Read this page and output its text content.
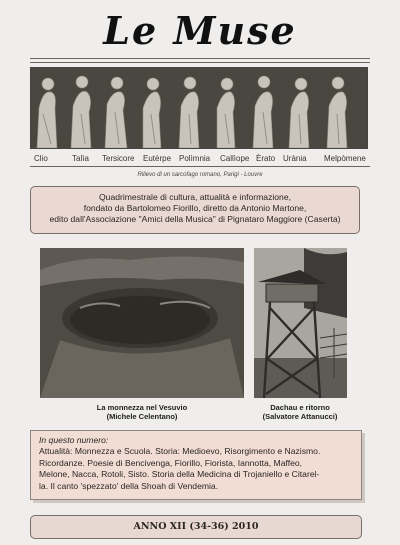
Le Muse
Clio	Talìa Tersicore Eutèrpe Polìmnia Callìope Èrato Urània Melpòmene
Rilievo di un sarcofago romano, Parigi - Louvre
Quadrimestrale di cultura, attualità e informazione,
fondato da Bartolomeo Fiorillo, diretto da Antonio Martone,
edito dall'Associazione "Amici della Musica" di Pignataro Maggiore (Caserta)
La monnezza nel Vesuvio
(Michele Celentano)
Dachau e ritorno
(Salvatore Attanucci)
In questo numero:
Attualità: Monnezza e Scuola. Storia: Medioevo, Risorgimento e Nazismo.
Ricordanze. Poesie di Bencivenga, Fiorillo, Fiorista, Iannotta, Maffeo,
Melone, Nacca, Rotoli, Sisto. Storia della Medicina di Trojaniello e Citarel-
la. Il canto 'spezzato' della Shoah di Vendemia.
ANNO XII (34-36) 2010
